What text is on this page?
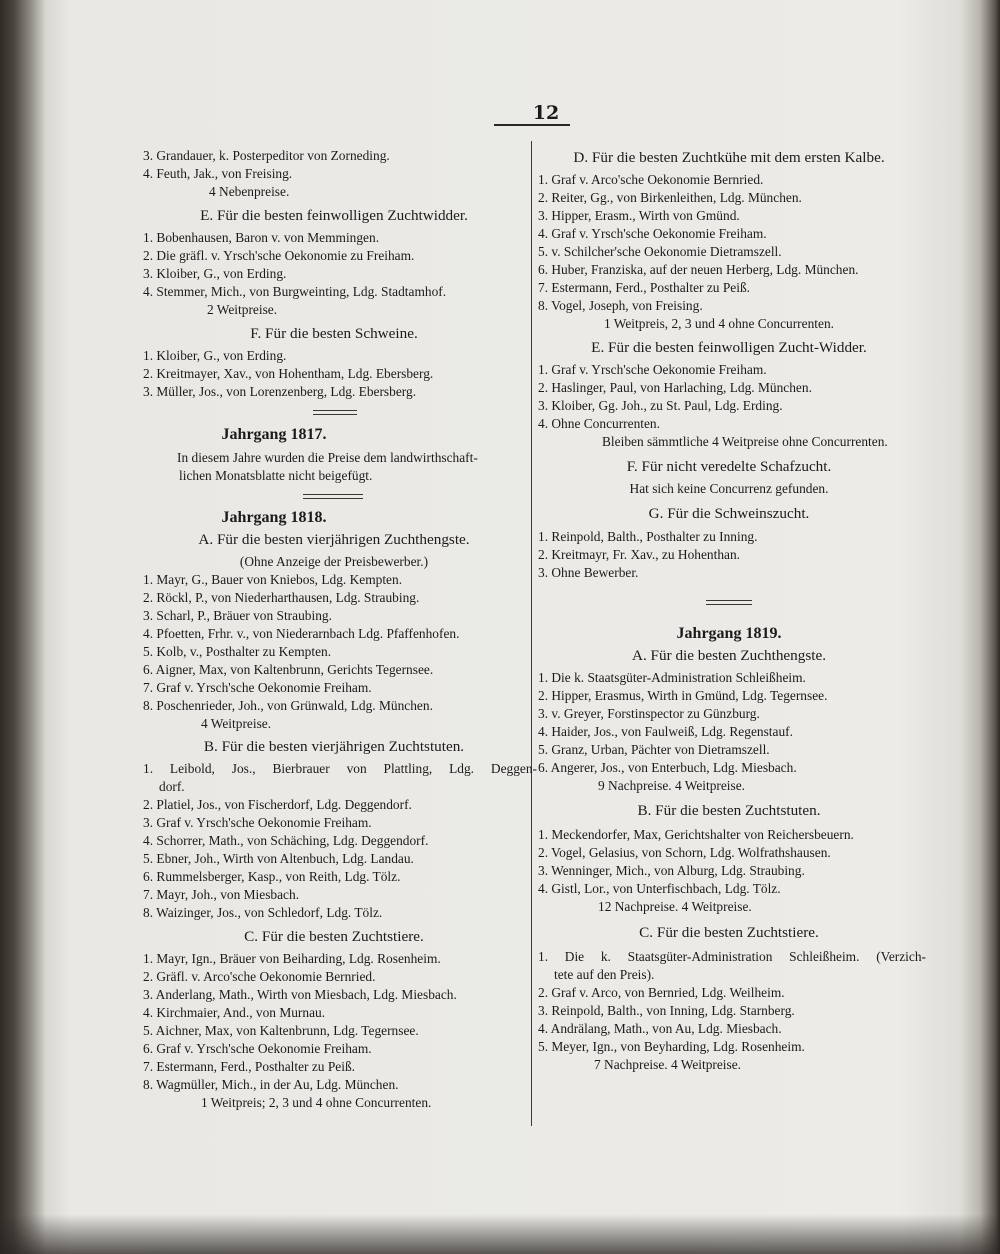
12
3. Grandauer, k. Posterpeditor von Zorneding.
4. Feuth, Jak., von Freising.
4 Nebenpreise.
E. Für die besten feinwolligen Zuchtwidder.
1. Bobenhausen, Baron v. von Memmingen.
2. Die gräfl. v. Yrsch'sche Oekonomie zu Freiham.
3. Kloiber, G., von Erding.
4. Stemmer, Mich., von Burgweinting, Ldg. Stadtamhof.
2 Weitpreise.
F. Für die besten Schweine.
1. Kloiber, G., von Erding.
2. Kreitmayer, Xav., von Hohentham, Ldg. Ebersberg.
3. Müller, Jos., von Lorenzenberg, Ldg. Ebersberg.
Jahrgang 1817.
In diesem Jahre wurden die Preise dem landwirthschaft-
lichen Monatsblatte nicht beigefügt.
Jahrgang 1818.
A. Für die besten vierjährigen Zuchthengste.
(Ohne Anzeige der Preisbewerber.)
1. Mayr, G., Bauer von Kniebos, Ldg. Kempten.
2. Röckl, P., von Niederharthausen, Ldg. Straubing.
3. Scharl, P., Bräuer von Straubing.
4. Pfoetten, Frhr. v., von Niederarnbach Ldg. Pfaffenhofen.
5. Kolb, v., Posthalter zu Kempten.
6. Aigner, Max, von Kaltenbrunn, Gerichts Tegernsee.
7. Graf v. Yrsch'sche Oekonomie Freiham.
8. Poschenrieder, Joh., von Grünwald, Ldg. München.
4 Weitpreise.
B. Für die besten vierjährigen Zuchtstuten.
1. Leibold, Jos., Bierbrauer von Plattling, Ldg. Deggen-
dorf.
2. Platiel, Jos., von Fischerdorf, Ldg. Deggendorf.
3. Graf v. Yrsch'sche Oekonomie Freiham.
4. Schorrer, Math., von Schäching, Ldg. Deggendorf.
5. Ebner, Joh., Wirth von Altenbuch, Ldg. Landau.
6. Rummelsberger, Kasp., von Reith, Ldg. Tölz.
7. Mayr, Joh., von Miesbach.
8. Waizinger, Jos., von Schledorf, Ldg. Tölz.
C. Für die besten Zuchtstiere.
1. Mayr, Ign., Bräuer von Beiharding, Ldg. Rosenheim.
2. Gräfl. v. Arco'sche Oekonomie Bernried.
3. Anderlang, Math., Wirth von Miesbach, Ldg. Miesbach.
4. Kirchmaier, And., von Murnau.
5. Aichner, Max, von Kaltenbrunn, Ldg. Tegernsee.
6. Graf v. Yrsch'sche Oekonomie Freiham.
7. Estermann, Ferd., Posthalter zu Peiß.
8. Wagmüller, Mich., in der Au, Ldg. München.
1 Weitpreis; 2, 3 und 4 ohne Concurrenten.
D. Für die besten Zuchtkühe mit dem ersten Kalbe.
1. Graf v. Arco'sche Oekonomie Bernried.
2. Reiter, Gg., von Birkenleithen, Ldg. München.
3. Hipper, Erasm., Wirth von Gmünd.
4. Graf v. Yrsch'sche Oekonomie Freiham.
5. v. Schilcher'sche Oekonomie Dietramszell.
6. Huber, Franziska, auf der neuen Herberg, Ldg. München.
7. Estermann, Ferd., Posthalter zu Peiß.
8. Vogel, Joseph, von Freising.
1 Weitpreis, 2, 3 und 4 ohne Concurrenten.
E. Für die besten feinwolligen Zucht-Widder.
1. Graf v. Yrsch'sche Oekonomie Freiham.
2. Haslinger, Paul, von Harlaching, Ldg. München.
3. Kloiber, Gg. Joh., zu St. Paul, Ldg. Erding.
4. Ohne Concurrenten.
Bleiben sämmtliche 4 Weitpreise ohne Concurrenten.
F. Für nicht veredelte Schafzucht.
Hat sich keine Concurrenz gefunden.
G. Für die Schweinszucht.
1. Reinpold, Balth., Posthalter zu Inning.
2. Kreitmayr, Fr. Xav., zu Hohenthan.
3. Ohne Bewerber.
Jahrgang 1819.
A. Für die besten Zuchthengste.
1. Die k. Staatsgüter-Administration Schleißheim.
2. Hipper, Erasmus, Wirth in Gmünd, Ldg. Tegernsee.
3. v. Greyer, Forstinspector zu Günzburg.
4. Haider, Jos., von Faulweiß, Ldg. Regenstauf.
5. Granz, Urban, Pächter von Dietramszell.
6. Angerer, Jos., von Enterbuch, Ldg. Miesbach.
9 Nachpreise. 4 Weitpreise.
B. Für die besten Zuchtstuten.
1. Meckendorfer, Max, Gerichtshalter von Reichersbeuern.
2. Vogel, Gelasius, von Schorn, Ldg. Wolfrathshausen.
3. Wenninger, Mich., von Alburg, Ldg. Straubing.
4. Gistl, Lor., von Unterfischbach, Ldg. Tölz.
12 Nachpreise. 4 Weitpreise.
C. Für die besten Zuchtstiere.
1. Die k. Staatsgüter-Administration Schleißheim. (Verzich-
tete auf den Preis).
2. Graf v. Arco, von Bernried, Ldg. Weilheim.
3. Reinpold, Balth., von Inning, Ldg. Starnberg.
4. Andrälang, Math., von Au, Ldg. Miesbach.
5. Meyer, Ign., von Beyharding, Ldg. Rosenheim.
7 Nachpreise. 4 Weitpreise.
